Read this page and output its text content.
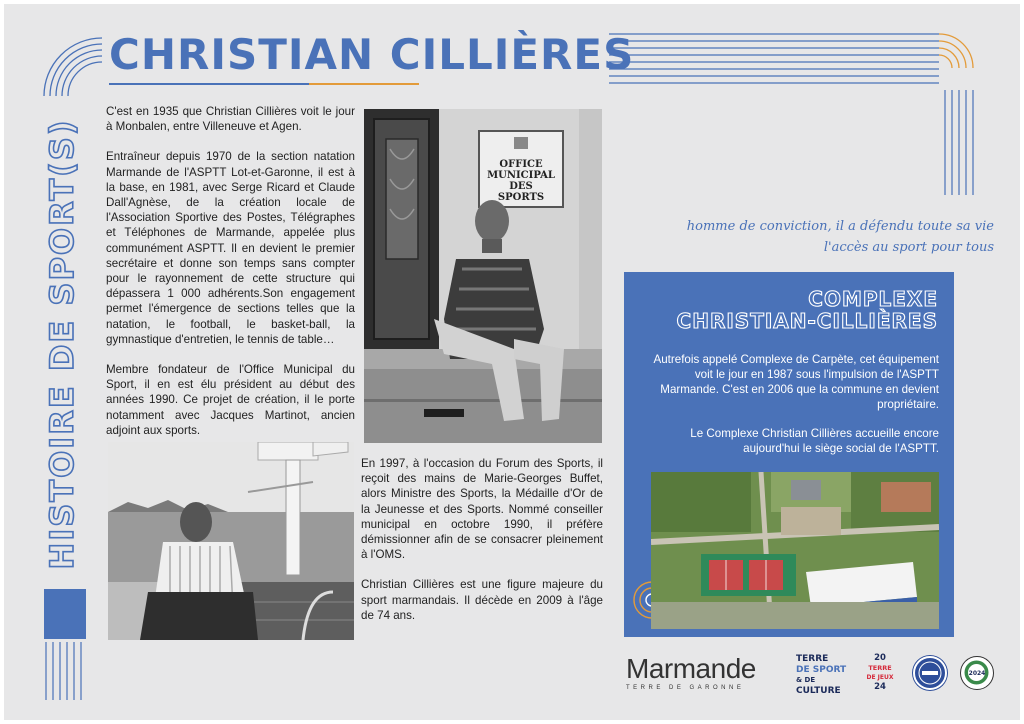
CHRISTIAN CILLIÈRES
HISTOIRE DE SPORT(S)

C'est en 1935 que Christian Cillières voit le jour à Monbalen, entre Villeneuve et Agen.

Entraîneur depuis 1970 de la section natation Marmande de l'ASPTT Lot-et-Garonne, il est à la base, en 1981, avec Serge Ricard et Claude Dall'Agnèse, de la création locale de l'Association Sportive des Postes, Télégraphes et Téléphones de Marmande, appelée plus communément ASPTT. Il en devient le premier secrétaire et donne son temps sans compter pour le rayonnement de cette structure qui dépassera 1 000 adhérents.Son engagement permet l'émergence de sections telles que la natation, le football, le basket-ball, la gymnastique d'entretien, le tennis de table…

Membre fondateur de l'Office Municipal du Sport, il en est élu président au début des années 1990. Ce projet de création, il le porte notamment avec Jacques Martinot, ancien adjoint aux sports.

OFFICE
MUNICIPAL
DES
SPORTS

En 1997, à l'occasion du Forum des Sports, il reçoit des mains de Marie-Georges Buffet, alors Ministre des Sports, la Médaille d'Or de la Jeunesse et des Sports. Nommé conseiller municipal en octobre 1990, il préfère démissionner afin de se consacrer pleinement à l'OMS.

Christian Cillières est une figure majeure du sport marmandais. Il décède en 2009 à l'âge de 74 ans.

homme de conviction, il a défendu toute sa vie
l'accès au sport pour tous
COMPLEXE
CHRISTIAN-CILLIÈRES

Autrefois appelé Complexe de Carpète, cet équipement voit le jour en 1987 sous l'impulsion de l'ASPTT Marmande. C'est en 2006 que la commune en devient propriétaire.

Le Complexe Christian Cillières accueille encore aujourd'hui le siège social de l'ASPTT.

Marmande
TERRE DE GARONNE
TERRE
DE SPORT
& DE
CULTURE
20
TERRE
DE JEUX
24
2024
